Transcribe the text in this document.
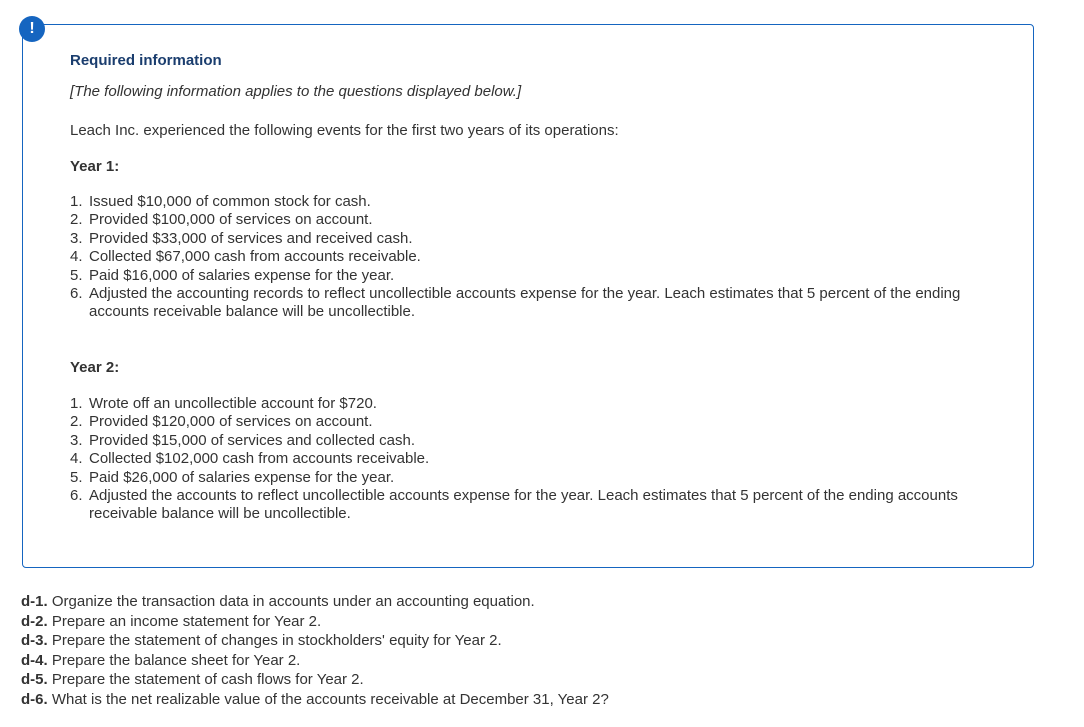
Required information

[The following information applies to the questions displayed below.]

Leach Inc. experienced the following events for the first two years of its operations:

Year 1:
1. Issued $10,000 of common stock for cash.
2. Provided $100,000 of services on account.
3. Provided $33,000 of services and received cash.
4. Collected $67,000 cash from accounts receivable.
5. Paid $16,000 of salaries expense for the year.
6. Adjusted the accounting records to reflect uncollectible accounts expense for the year. Leach estimates that 5 percent of the ending accounts receivable balance will be uncollectible.
Year 2:
1. Wrote off an uncollectible account for $720.
2. Provided $120,000 of services on account.
3. Provided $15,000 of services and collected cash.
4. Collected $102,000 cash from accounts receivable.
5. Paid $26,000 of salaries expense for the year.
6. Adjusted the accounts to reflect uncollectible accounts expense for the year. Leach estimates that 5 percent of the ending accounts receivable balance will be uncollectible.
!
d-1. Organize the transaction data in accounts under an accounting equation.
d-2. Prepare an income statement for Year 2.
d-3. Prepare the statement of changes in stockholders' equity for Year 2.
d-4. Prepare the balance sheet for Year 2.
d-5. Prepare the statement of cash flows for Year 2.
d-6. What is the net realizable value of the accounts receivable at December 31, Year 2?
